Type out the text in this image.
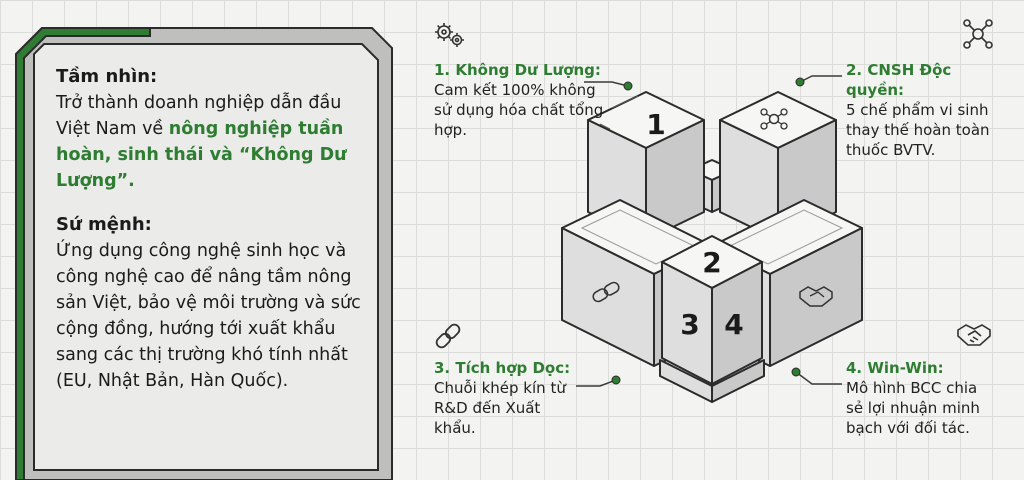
Tầm nhìn:

Trở thành doanh nghiệp dẫn đầu Việt Nam về nông nghiệp tuần hoàn, sinh thái và “Không Dư Lượng”.

Sứ mệnh:

Ứng dụng công nghệ sinh học và công nghệ cao để nâng tầm nông sản Việt, bảo vệ môi trường và sức cộng đồng, hướng tới xuất khẩu sang các thị trường khó tính nhất (EU, Nhật Bản, Hàn Quốc).

1
2
3 4
1. Không Dư Lượng:
Cam kết 100% không sử dụng hóa chất tổng hợp.
2. CNSH Độc quyền:
5 chế phẩm vi sinh thay thế hoàn toàn thuốc BVTV.
3. Tích hợp Dọc:
Chuỗi khép kín từ R&D đến Xuất khẩu.
4. Win-Win:
Mô hình BCC chia sẻ lợi nhuận minh bạch với đối tác.
